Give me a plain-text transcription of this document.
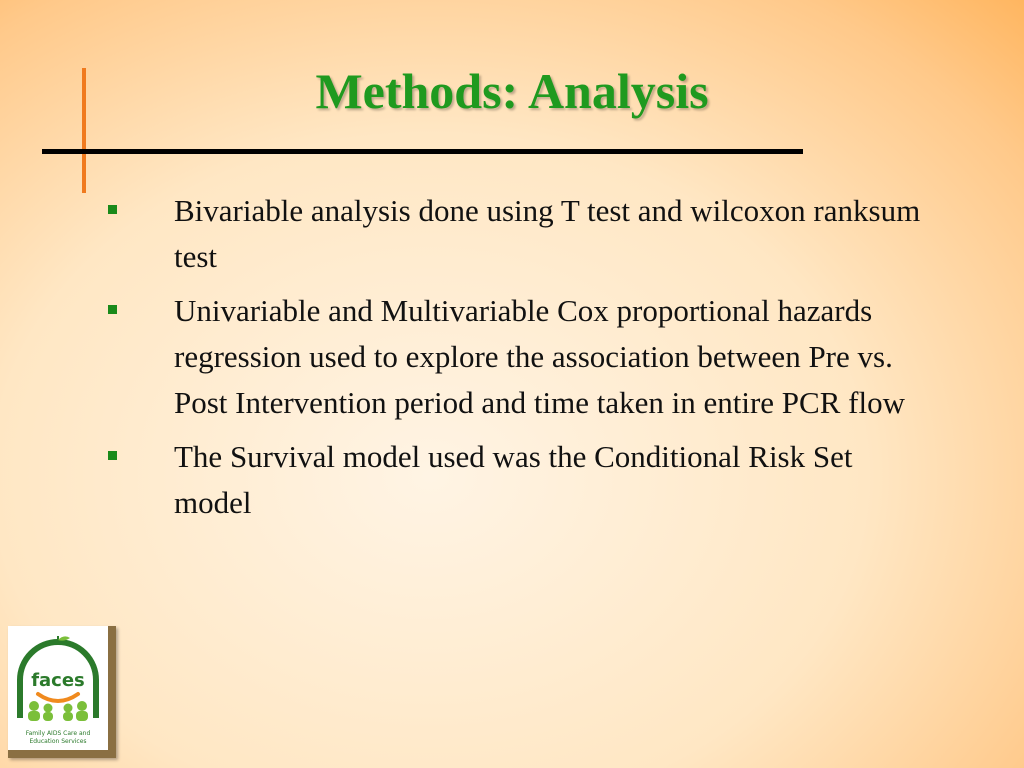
Methods: Analysis
Bivariable analysis done using T test and wilcoxon ranksum test
Univariable and Multivariable Cox proportional hazards regression used to explore the association between Pre vs. Post Intervention period and time taken in entire PCR flow
The Survival model used was the Conditional Risk Set model
faces
Family AIDS Care and
Education Services
